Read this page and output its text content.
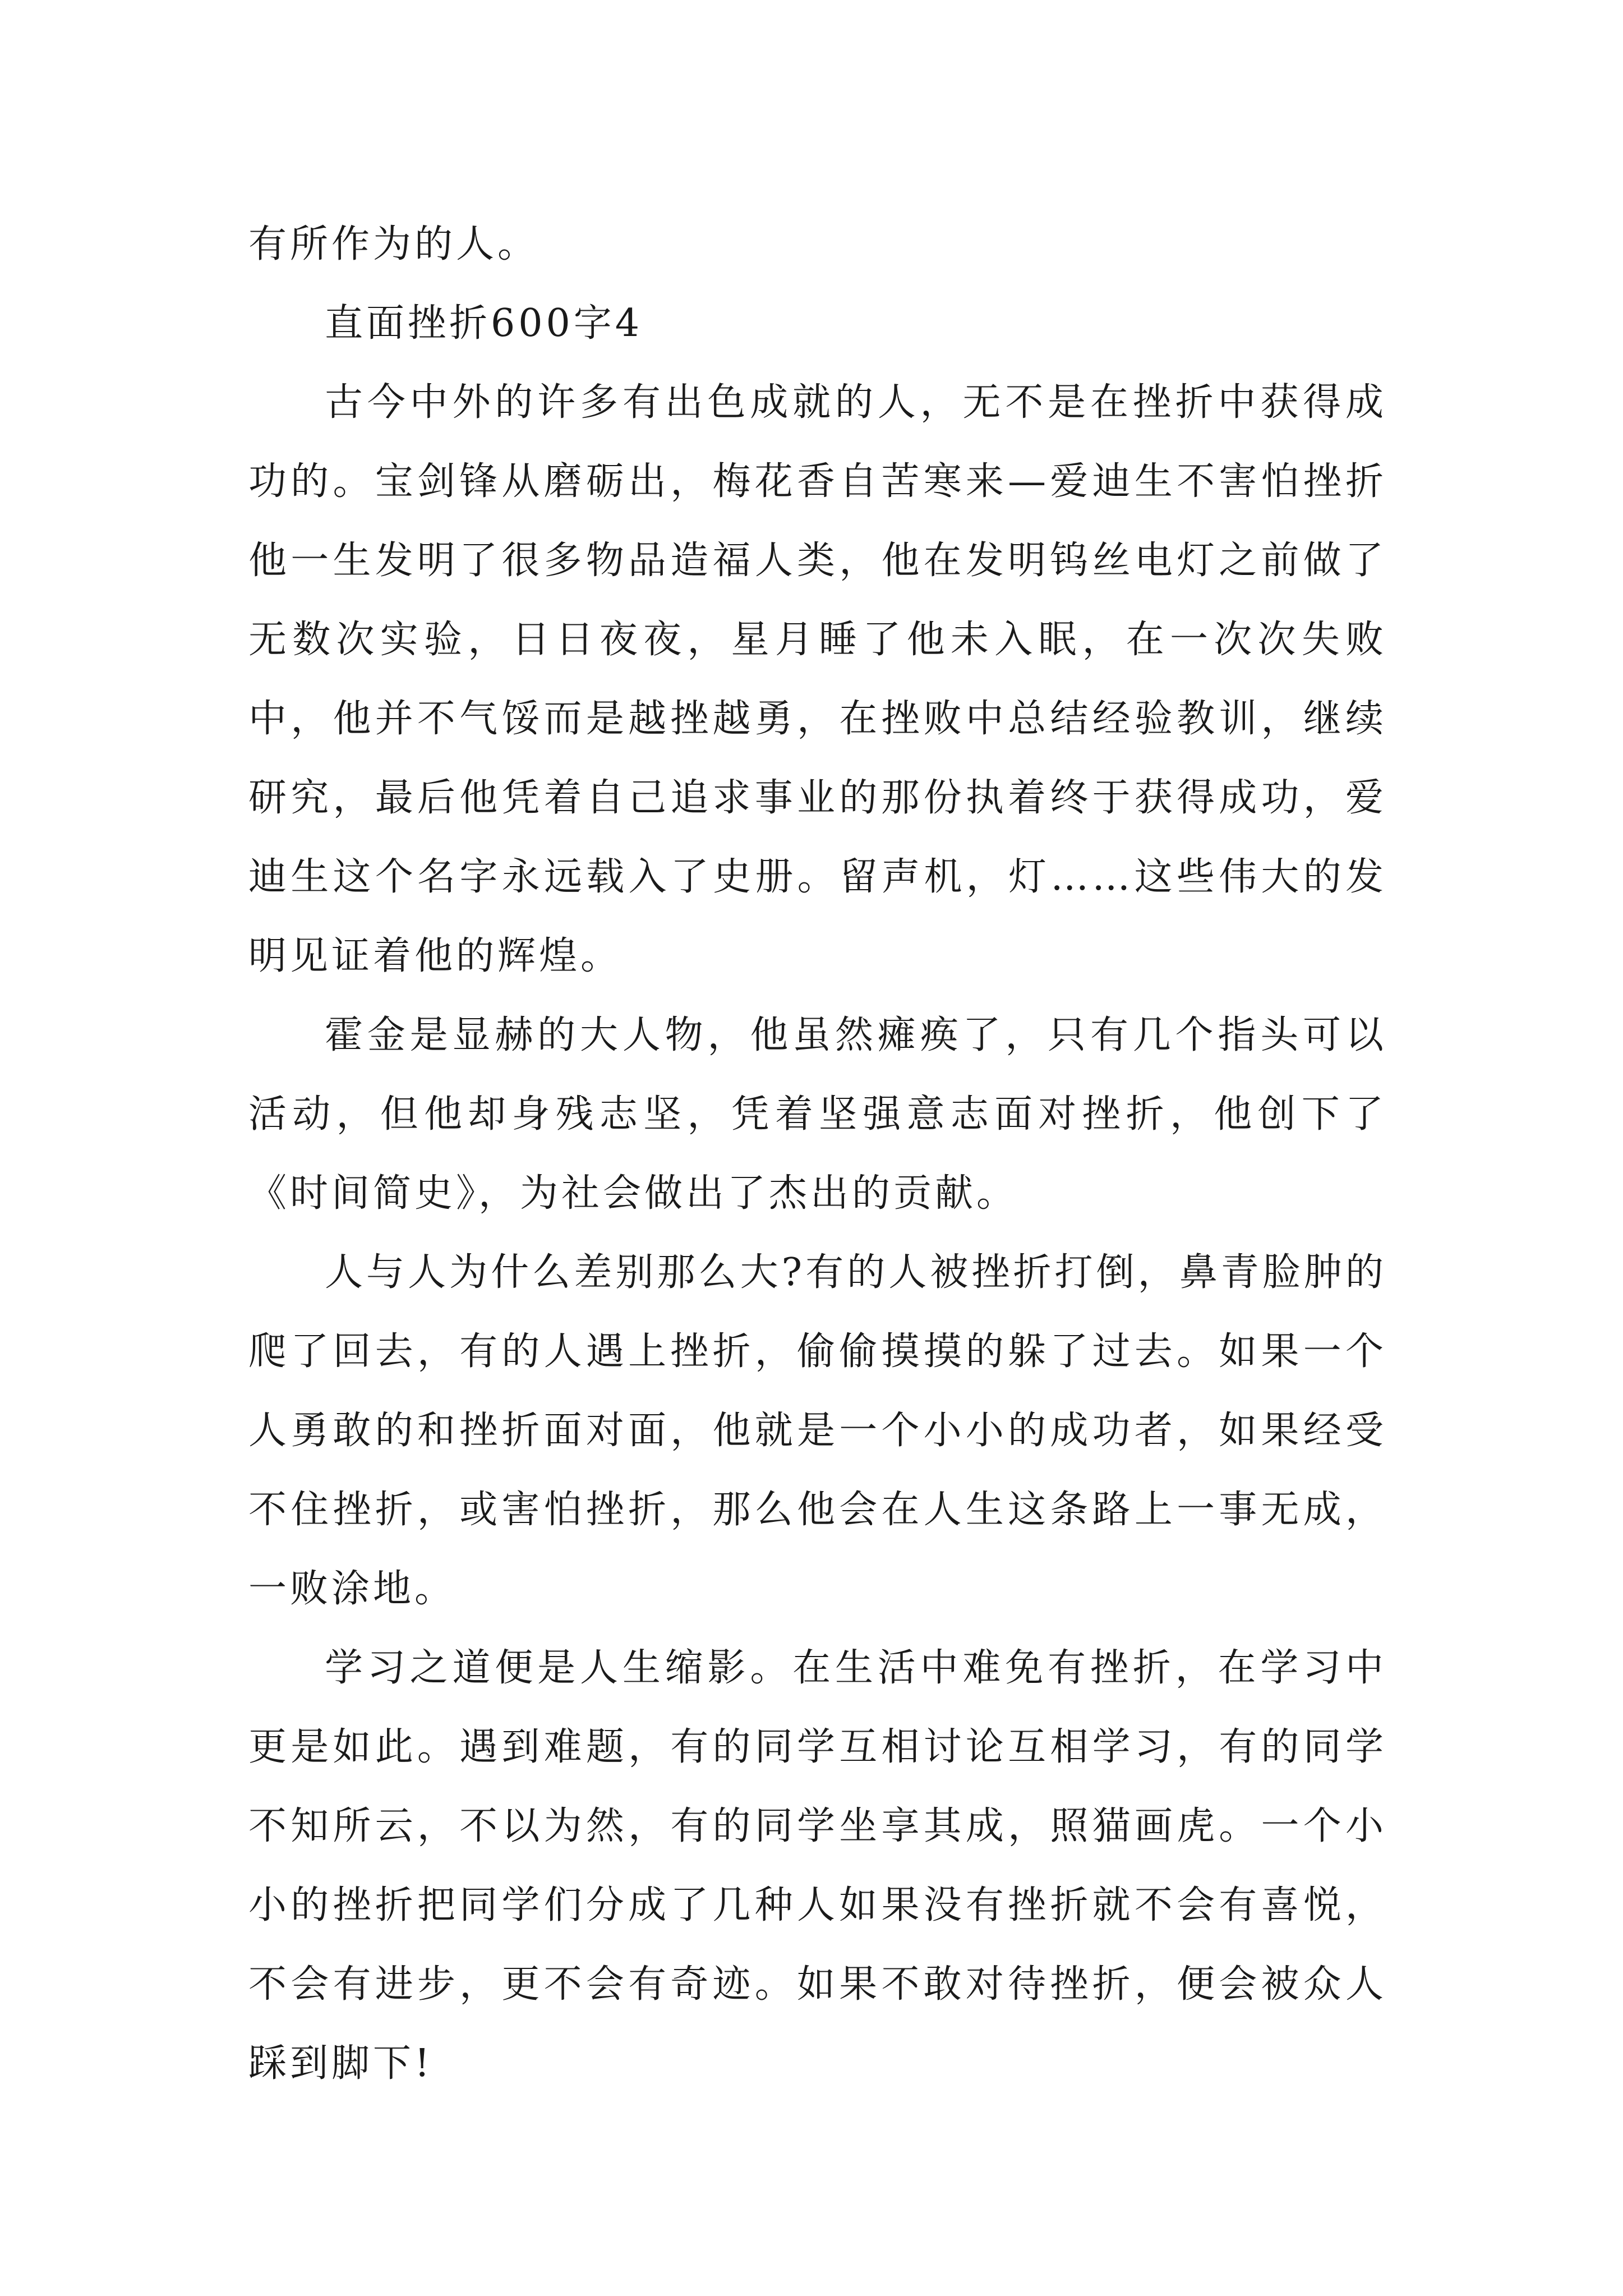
有所作为的人。

直面挫折600字4

古今中外的许多有出色成就的人，无不是在挫折中获得成功的。宝剑锋从磨砺出，梅花香自苦寒来—爱迪生不害怕挫折他一生发明了很多物品造福人类，他在发明钨丝电灯之前做了无数次实验，日日夜夜，星月睡了他未入眠，在一次次失败中，他并不气馁而是越挫越勇，在挫败中总结经验教训，继续研究，最后他凭着自己追求事业的那份执着终于获得成功，爱迪生这个名字永远载入了史册。留声机，灯……这些伟大的发明见证着他的辉煌。

霍金是显赫的大人物，他虽然瘫痪了，只有几个指头可以活动，但他却身残志坚，凭着坚强意志面对挫折，他创下了《时间简史》，为社会做出了杰出的贡献。

人与人为什么差别那么大?有的人被挫折打倒，鼻青脸肿的爬了回去，有的人遇上挫折，偷偷摸摸的躲了过去。如果一个人勇敢的和挫折面对面，他就是一个小小的成功者，如果经受不住挫折，或害怕挫折，那么他会在人生这条路上一事无成，一败涂地。

学习之道便是人生缩影。在生活中难免有挫折，在学习中更是如此。遇到难题，有的同学互相讨论互相学习，有的同学不知所云，不以为然，有的同学坐享其成，照猫画虎。一个小小的挫折把同学们分成了几种人如果没有挫折就不会有喜悦，不会有进步，更不会有奇迹。如果不敢对待挫折，便会被众人踩到脚下!
